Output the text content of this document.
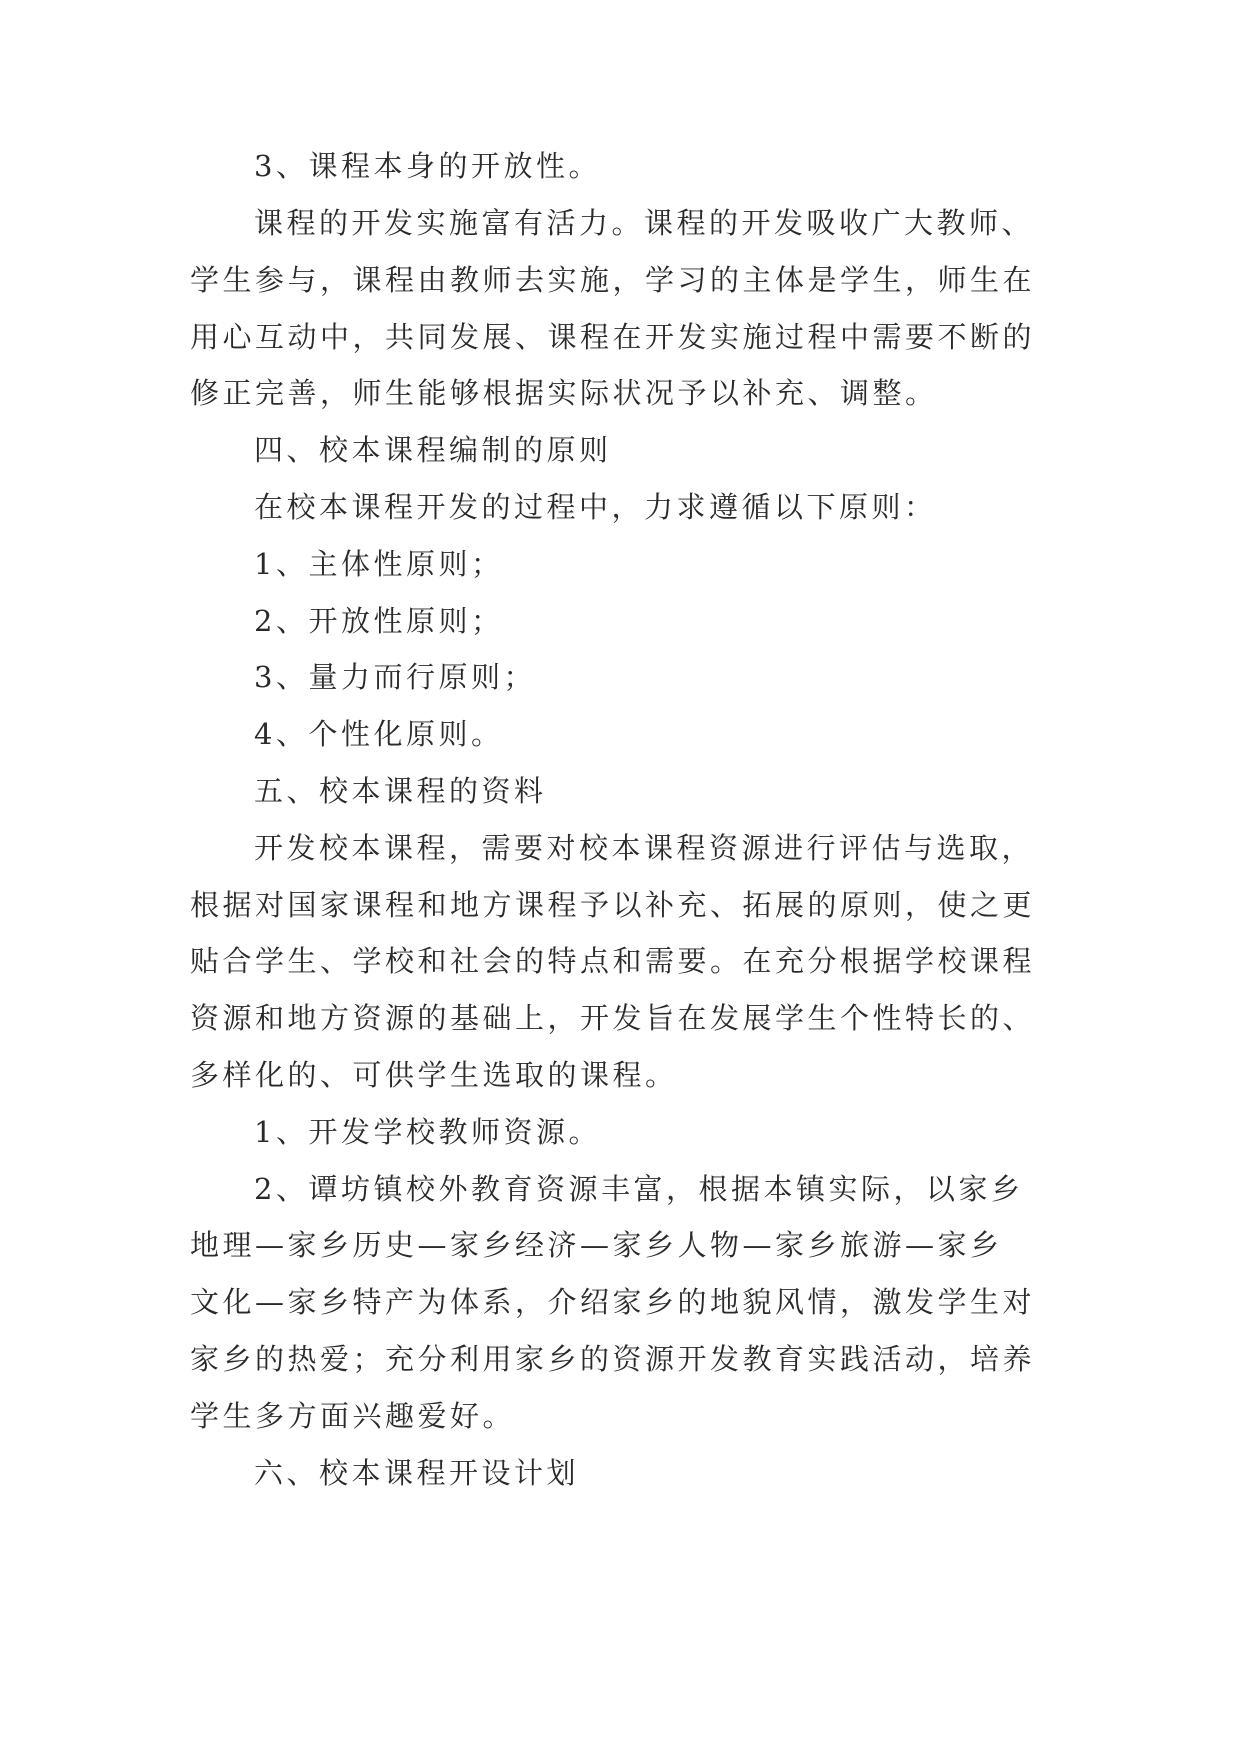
3、课程本身的开放性。

课程的开发实施富有活力。课程的开发吸收广大教师、

学生参与，课程由教师去实施，学习的主体是学生，师生在

用心互动中，共同发展、课程在开发实施过程中需要不断的

修正完善，师生能够根据实际状况予以补充、调整。

四、校本课程编制的原则

在校本课程开发的过程中，力求遵循以下原则：

1、主体性原则；

2、开放性原则；

3、量力而行原则；

4、个性化原则。

五、校本课程的资料

开发校本课程，需要对校本课程资源进行评估与选取，

根据对国家课程和地方课程予以补充、拓展的原则，使之更

贴合学生、学校和社会的特点和需要。在充分根据学校课程

资源和地方资源的基础上，开发旨在发展学生个性特长的、

多样化的、可供学生选取的课程。

1、开发学校教师资源。

2、谭坊镇校外教育资源丰富，根据本镇实际，以家乡

地理—家乡历史—家乡经济—家乡人物—家乡旅游—家乡

文化—家乡特产为体系，介绍家乡的地貌风情，激发学生对

家乡的热爱；充分利用家乡的资源开发教育实践活动，培养

学生多方面兴趣爱好。

六、校本课程开设计划
